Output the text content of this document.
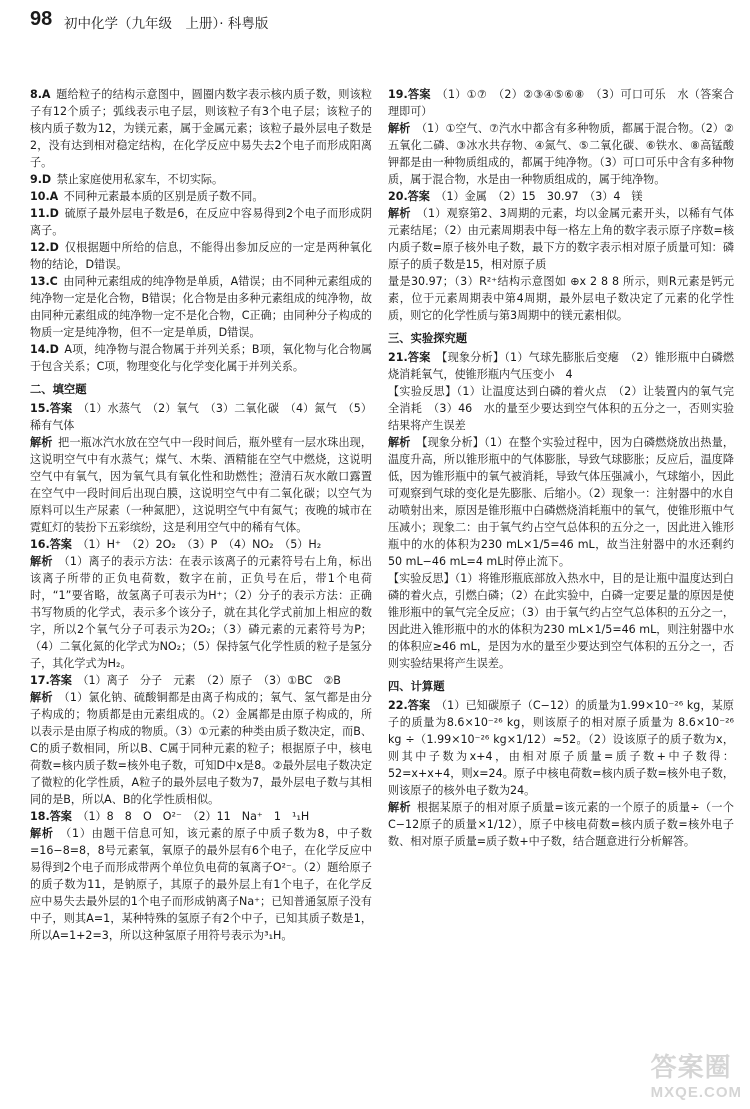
98 初中化学（九年级　上册）· 科粤版
8.A  题给粒子的结构示意图中，圆圈内数字表示核内质子数，则该粒子有12个质子；弧线表示电子层，则该粒子有3个电子层；该粒子的核内质子数为12，为镁元素，属于金属元素；该粒子最外层电子数是2，没有达到相对稳定结构，在化学反应中易失去2个电子而形成阳离子。
9.D  禁止家庭使用私家车，不切实际。
10.A  不同种元素最本质的区别是质子数不同。
11.D  硫原子最外层电子数是6，在反应中容易得到2个电子而形成阴离子。
12.D  仅根据题中所给的信息，不能得出参加反应的一定是两种氧化物的结论，D错误。
13.C  由同种元素组成的纯净物是单质，A错误；由不同种元素组成的纯净物一定是化合物，B错误；化合物是由多种元素组成的纯净物，故由同种元素组成的纯净物一定不是化合物，C正确；由同种分子构成的物质一定是纯净物，但不一定是单质，D错误。
14.D  A项，纯净物与混合物属于并列关系；B项，氧化物与化合物属于包含关系；C项，物理变化与化学变化属于并列关系。
二、填空题
15.答案  （1）水蒸气　（2）氧气　（3）二氧化碳　（4）氮气　（5）稀有气体
解析  把一瓶冰汽水放在空气中一段时间后，瓶外壁有一层水珠出现，这说明空气中有水蒸气；煤气、木柴、酒精能在空气中燃烧，这说明空气中有氧气，因为氧气具有氧化性和助燃性；澄清石灰水敞口露置在空气中一段时间后出现白膜，这说明空气中有二氧化碳；以空气为原料可以生产尿素（一种氮肥），这说明空气中有氮气；夜晚的城市在霓虹灯的装扮下五彩缤纷，这是利用空气中的稀有气体。
16.答案  （1）H⁺　（2）2O₂　（3）P　（4）NO₂　（5）H₂
解析  （1）离子的表示方法：在表示该离子的元素符号右上角，标出该离子所带的正负电荷数，数字在前，正负号在后，带1个电荷时，“1”要省略，故氢离子可表示为H⁺；（2）分子的表示方法：正确书写物质的化学式，表示多个该分子，就在其化学式前加上相应的数字，所以2个氧气分子可表示为2O₂；（3）磷元素的元素符号为P；（4）二氧化氮的化学式为NO₂；（5）保持氢气化学性质的粒子是氢分子，其化学式为H₂。
17.答案  （1）离子　分子　元素　（2）原子　（3）①BC　②B
解析  （1）氯化钠、硫酸铜都是由离子构成的；氧气、氢气都是由分子构成的；物质都是由元素组成的。（2）金属都是由原子构成的，所以表示是由原子构成的物质。（3）①元素的种类由质子数决定，而B、C的质子数相同，所以B、C属于同种元素的粒子；根据原子中，核电荷数=核内质子数=核外电子数，可知D中x是8。②最外层电子数决定了微粒的化学性质，A粒子的最外层电子数为7，最外层电子数与其相同的是B，所以A、B的化学性质相似。
18.答案  （1）8　8　O　O²⁻　（2）11　Na⁺　1　¹₁H
解析  （1）由题干信息可知，该元素的原子中质子数为8，中子数=16−8=8，8号元素氧，氧原子的最外层有6个电子，在化学反应中易得到2个电子而形成带两个单位负电荷的氧离子O²⁻。（2）题给原子的质子数为11，是钠原子，其原子的最外层上有1个电子，在化学反应中易失去最外层的1个电子而形成钠离子Na⁺；已知普通氢原子没有中子，则其A=1，某种特殊的氢原子有2个中子，已知其质子数是1，所以A=1+2=3，所以这种氢原子用符号表示为³₁H。
19.答案  （1）①⑦　（2）②③④⑤⑥⑧　（3）可口可乐　水（答案合理即可）
解析  （1）①空气、⑦汽水中都含有多种物质，都属于混合物。（2）②五氧化二磷、③冰水共存物、④氮气、⑤二氧化碳、⑥铁水、⑧高锰酸钾都是由一种物质组成的，都属于纯净物。（3）可口可乐中含有多种物质，属于混合物，水是由一种物质组成的，属于纯净物。
20.答案  （1）金属　（2）15　30.97　（3）4　镁
解析  （1）观察第2、3周期的元素，均以金属元素开头，以稀有气体元素结尾；（2）由元素周期表中每一格左上角的数字表示原子序数=核内质子数=原子核外电子数，最下方的数字表示相对原子质量可知：磷原子的质子数是15，相对原子质
量是30.97；（3）R²⁺结构示意图如 ⊕x 2 8 8 所示，则R元素是钙元素，位于元素周期表中第4周期，最外层电子数决定了元素的化学性质，则它的化学性质与第3周期中的镁元素相似。
三、实验探究题
21.答案  【现象分析】（1）气球先膨胀后变瘪　（2）锥形瓶中白磷燃烧消耗氧气，使锥形瓶内气压变小　4
【实验反思】（1）让温度达到白磷的着火点　（2）让装置内的氧气完全消耗　（3）46　水的量至少要达到空气体积的五分之一，否则实验结果将产生误差
解析  【现象分析】（1）在整个实验过程中，因为白磷燃烧放出热量，温度升高，所以锥形瓶中的气体膨胀，导致气球膨胀；反应后，温度降低，因为锥形瓶中的氧气被消耗，导致气体压强减小，气球缩小，因此可观察到气球的变化是先膨胀、后缩小。（2）现象一：注射器中的水自动喷射出来，原因是锥形瓶中白磷燃烧消耗瓶中的氧气，使锥形瓶中气压减小；现象二：由于氧气约占空气总体积的五分之一，因此进入锥形瓶中的水的体积为230 mL×1/5=46 mL，故当注射器中的水还剩约50 mL−46 mL=4 mL时停止流下。
【实验反思】（1）将锥形瓶底部放入热水中，目的是让瓶中温度达到白磷的着火点，引燃白磷；（2）在此实验中，白磷一定要足量的原因是使锥形瓶中的氧气完全反应；（3）由于氧气约占空气总体积的五分之一，因此进入锥形瓶中的水的体积为230 mL×1/5=46 mL，则注射器中水的体积应≥46 mL，是因为水的量至少要达到空气体积的五分之一，否则实验结果将产生误差。
四、计算题
22.答案  （1）已知碳原子（C−12）的质量为1.99×10⁻²⁶ kg，某原子的质量为8.6×10⁻²⁶ kg，则该原子的相对原子质量为 8.6×10⁻²⁶ kg ÷（1.99×10⁻²⁶ kg×1/12）≈52。（2）设该原子的质子数为x，则其中子数为x+4，由相对原子质量=质子数+中子数得：52=x+x+4，则x=24。原子中核电荷数=核内质子数=核外电子数，则该原子的核外电子数为24。
解析  根据某原子的相对原子质量=该元素的一个原子的质量÷（一个C−12原子的质量×1/12），原子中核电荷数=核内质子数=核外电子数、相对原子质量=质子数+中子数，结合题意进行分析解答。
答案圈
MXQE.COM
